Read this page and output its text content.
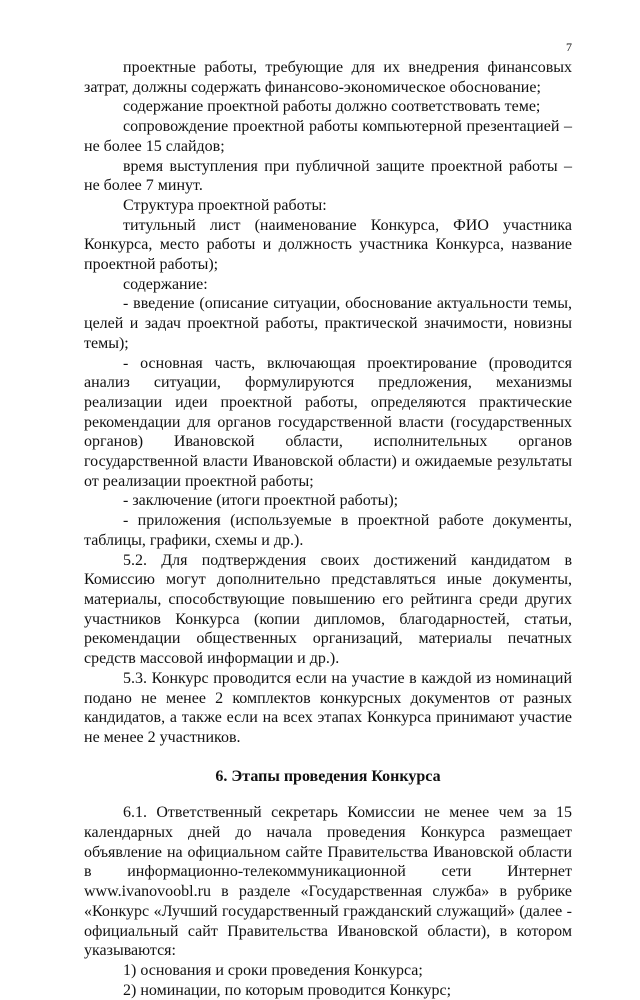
7

проектные работы, требующие для их внедрения финансовых затрат, должны содержать финансово-экономическое обоснование;

содержание проектной работы должно соответствовать теме;

сопровождение проектной работы компьютерной презентацией – не более 15 слайдов;

время выступления при публичной защите проектной работы – не более 7 минут.

Структура проектной работы:

титульный лист (наименование Конкурса, ФИО участника Конкурса, место работы и должность участника Конкурса, название проектной работы);

содержание:

- введение (описание ситуации, обоснование актуальности темы, целей и задач проектной работы, практической значимости, новизны темы);

- основная часть, включающая проектирование (проводится анализ ситуации, формулируются предложения, механизмы реализации идеи проектной работы, определяются практические рекомендации для органов государственной власти (государственных органов) Ивановской области, исполнительных органов государственной власти Ивановской области) и ожидаемые результаты от реализации проектной работы;

- заключение (итоги проектной работы);

- приложения (используемые в проектной работе документы, таблицы, графики, схемы и др.).

5.2. Для подтверждения своих достижений кандидатом в Комиссию могут дополнительно представляться иные документы, материалы, способствующие повышению его рейтинга среди других участников Конкурса (копии дипломов, благодарностей, статьи, рекомендации общественных организаций, материалы печатных средств массовой информации и др.).

5.3. Конкурс проводится если на участие в каждой из номинаций подано не менее 2 комплектов конкурсных документов от разных кандидатов, а также если на всех этапах Конкурса принимают участие не менее 2 участников.

6. Этапы проведения Конкурса

6.1. Ответственный секретарь Комиссии не менее чем за 15 календарных дней до начала проведения Конкурса размещает объявление на официальном сайте Правительства Ивановской области в информационно-телекоммуникационной сети Интернет www.ivanovoobl.ru в разделе «Государственная служба» в рубрике «Конкурс «Лучший государственный гражданский служащий» (далее - официальный сайт Правительства Ивановской области), в котором указываются:

1) основания и сроки проведения Конкурса;

2) номинации, по которым проводится Конкурс;
